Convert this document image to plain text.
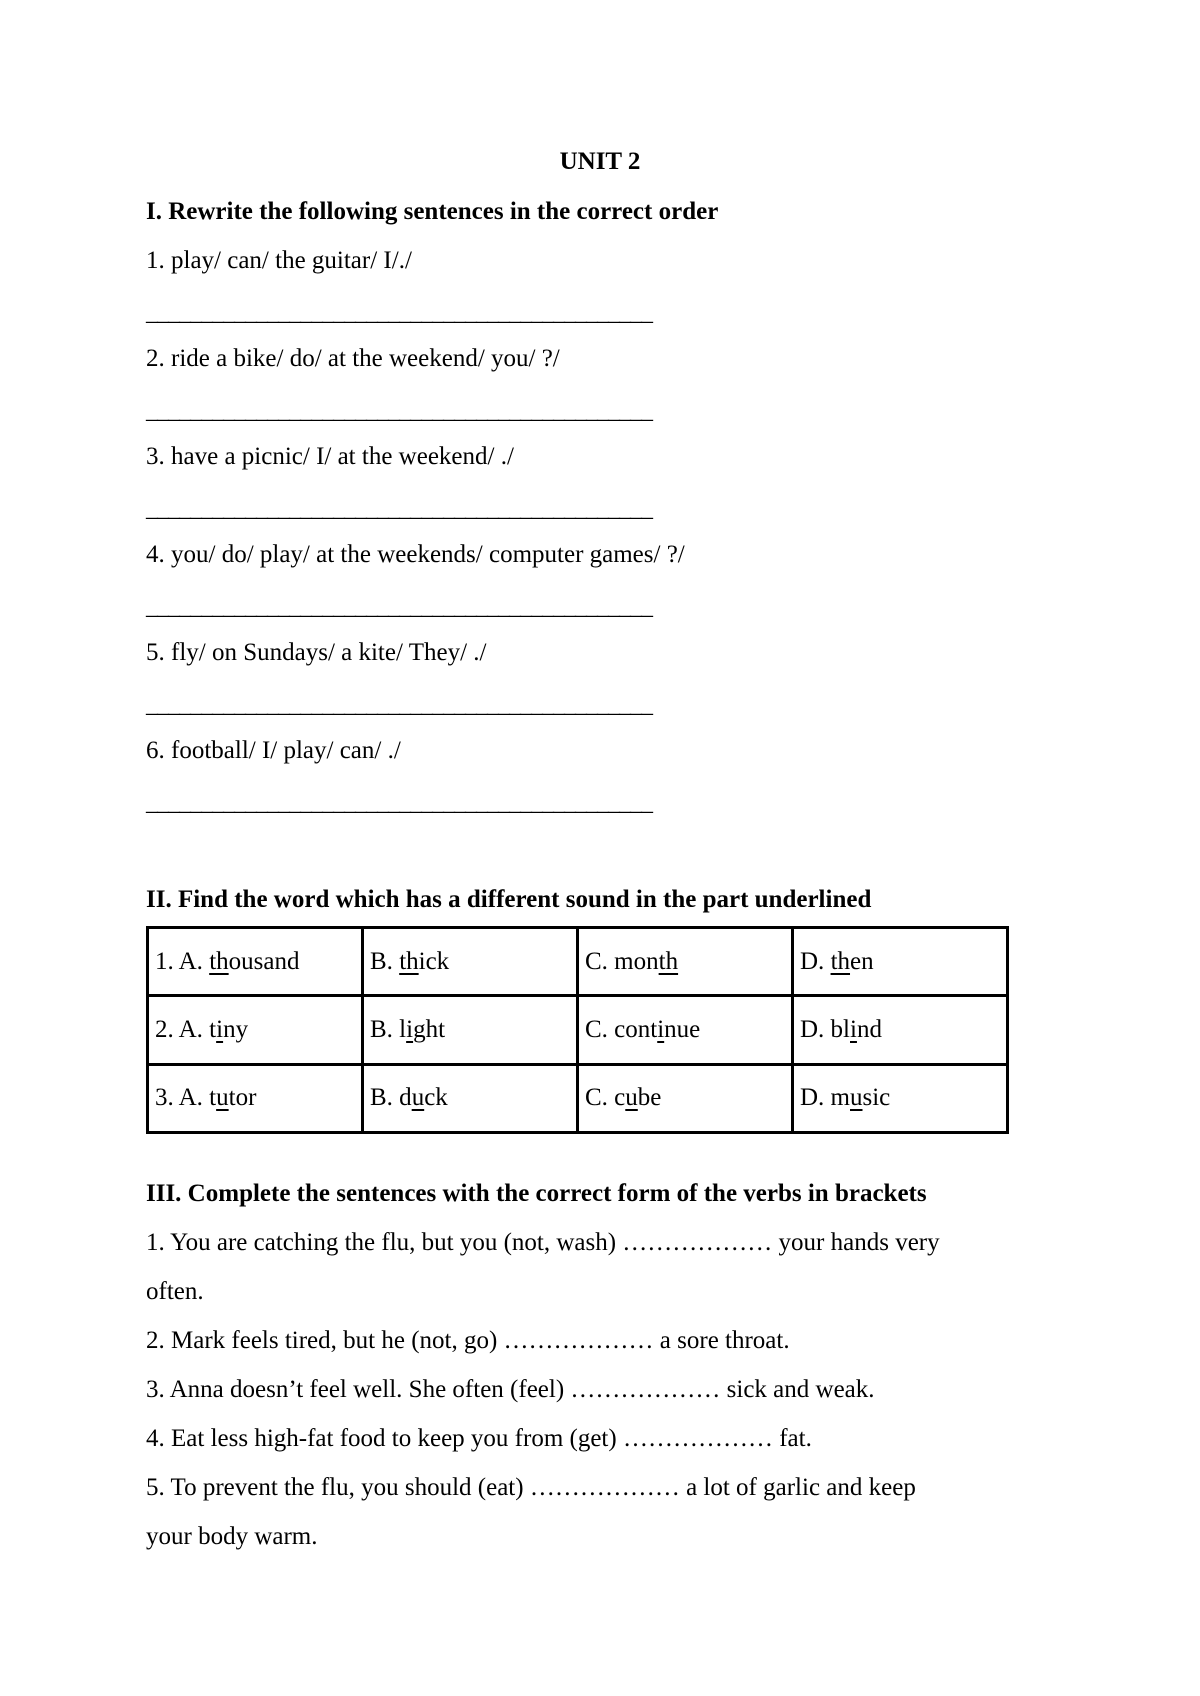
UNIT 2
I. Rewrite the following sentences in the correct order
1. play/ can/ the guitar/ I/./
______________________________________________
2. ride a bike/ do/ at the weekend/ you/ ?/
______________________________________________
3. have a picnic/ I/ at the weekend/ ./
______________________________________________
4. you/ do/ play/ at the weekends/ computer games/ ?/
______________________________________________
5. fly/ on Sundays/ a kite/ They/ ./
______________________________________________
6. football/ I/ play/ can/ ./
______________________________________________
II. Find the word which has a different sound in the part underlined
1. A. thousand	B. thick	C. month	D. then
2. A. tiny	B. light	C. continue	D. blind
3. A. tutor	B. duck	C. cube	D. music
III. Complete the sentences with the correct form of the verbs in brackets
1. You are catching the flu, but you (not, wash) ……………… your hands very
often.
2. Mark feels tired, but he (not, go) ……………… a sore throat.
3. Anna doesn’t feel well. She often (feel) ……………… sick and weak.
4. Eat less high-fat food to keep you from (get) ……………… fat.
5. To prevent the flu, you should (eat) ……………… a lot of garlic and keep
your body warm.
